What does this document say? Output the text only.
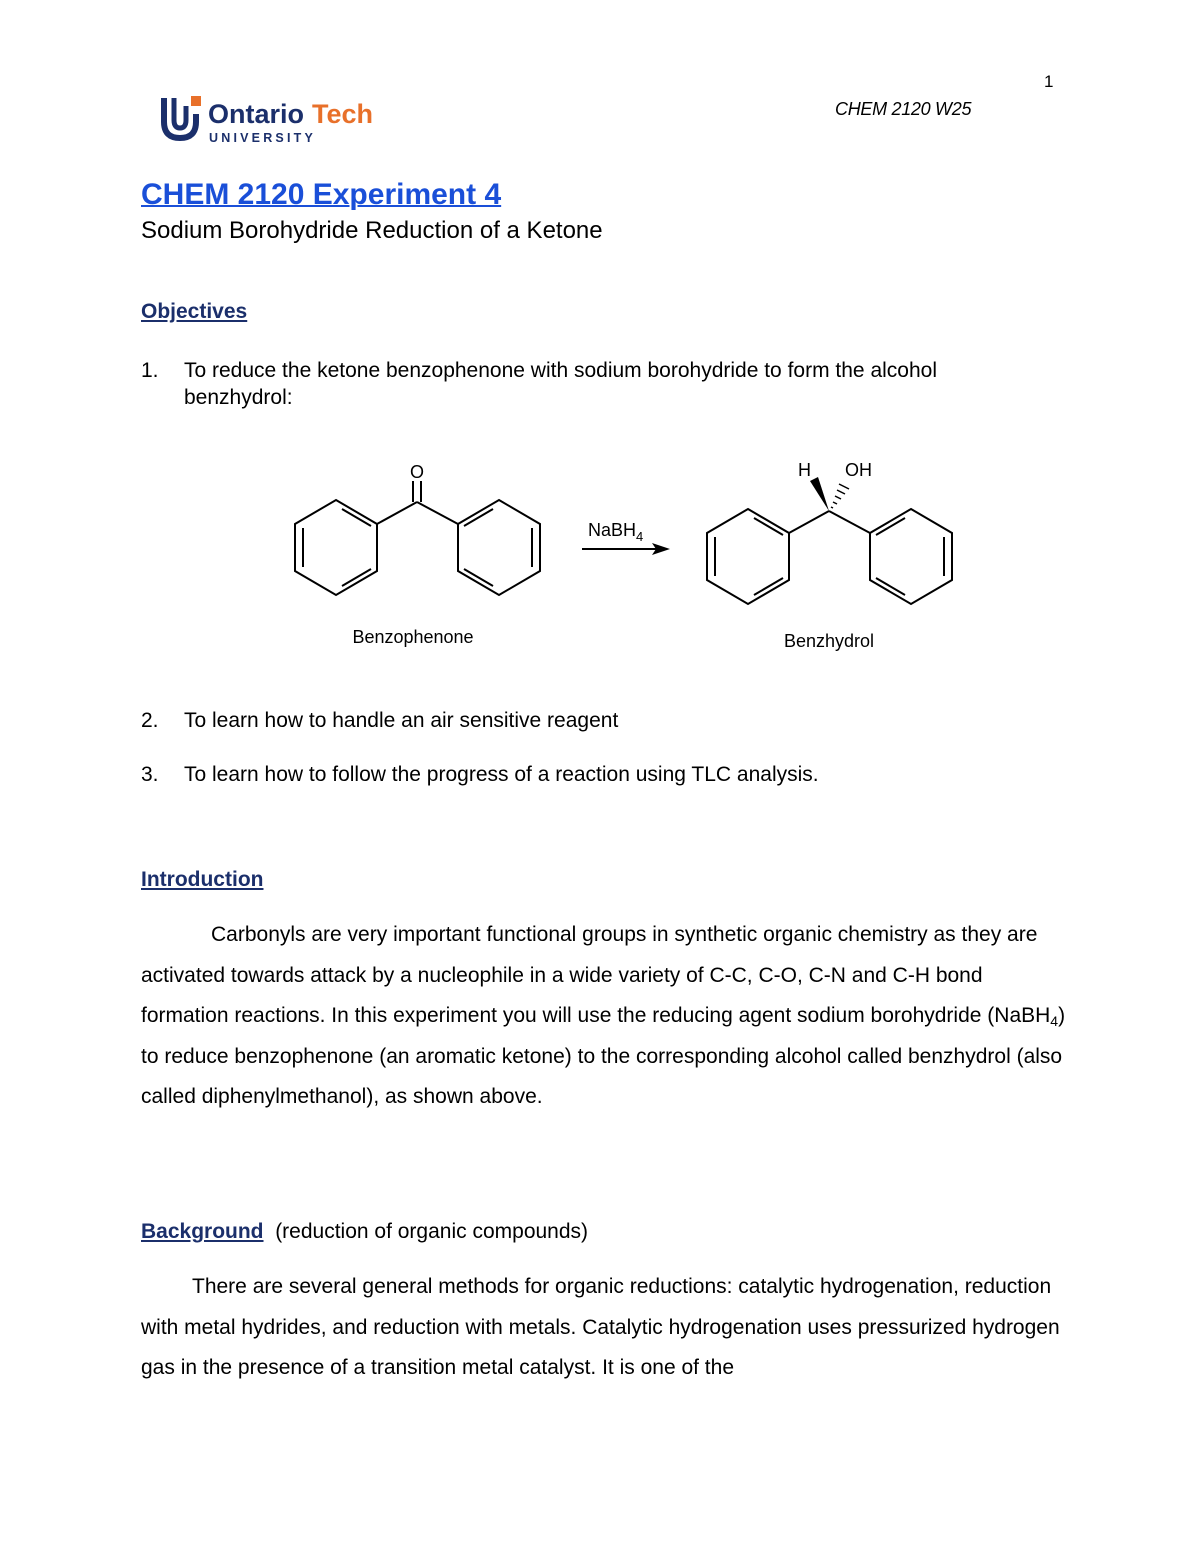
1
CHEM 2120 W25
Ontario Tech
UNIVERSITY
CHEM 2120 Experiment 4
Sodium Borohydride Reduction of a Ketone
Objectives
1.	To reduce the ketone benzophenone with sodium borohydride to form the alcohol
benzhydrol:
O
Benzophenone
NaBH$_4$
H OH
Benzhydrol
2.	To learn how to handle an air sensitive reagent
3.	To learn how to follow the progress of a reaction using TLC analysis.
Introduction
Carbonyls are very important functional groups in synthetic organic chemistry as they are activated towards attack by a nucleophile in a wide variety of C-C, C-O, C-N and C-H bond formation reactions. In this experiment you will use the reducing agent sodium borohydride (NaBH$_4$) to reduce benzophenone (an aromatic ketone) to the corresponding alcohol called benzhydrol (also called diphenylmethanol), as shown above.
Background (reduction of organic compounds)
There are several general methods for organic reductions: catalytic hydrogenation, reduction with metal hydrides, and reduction with metals. Catalytic hydrogenation uses pressurized hydrogen gas in the presence of a transition metal catalyst. It is one of the
